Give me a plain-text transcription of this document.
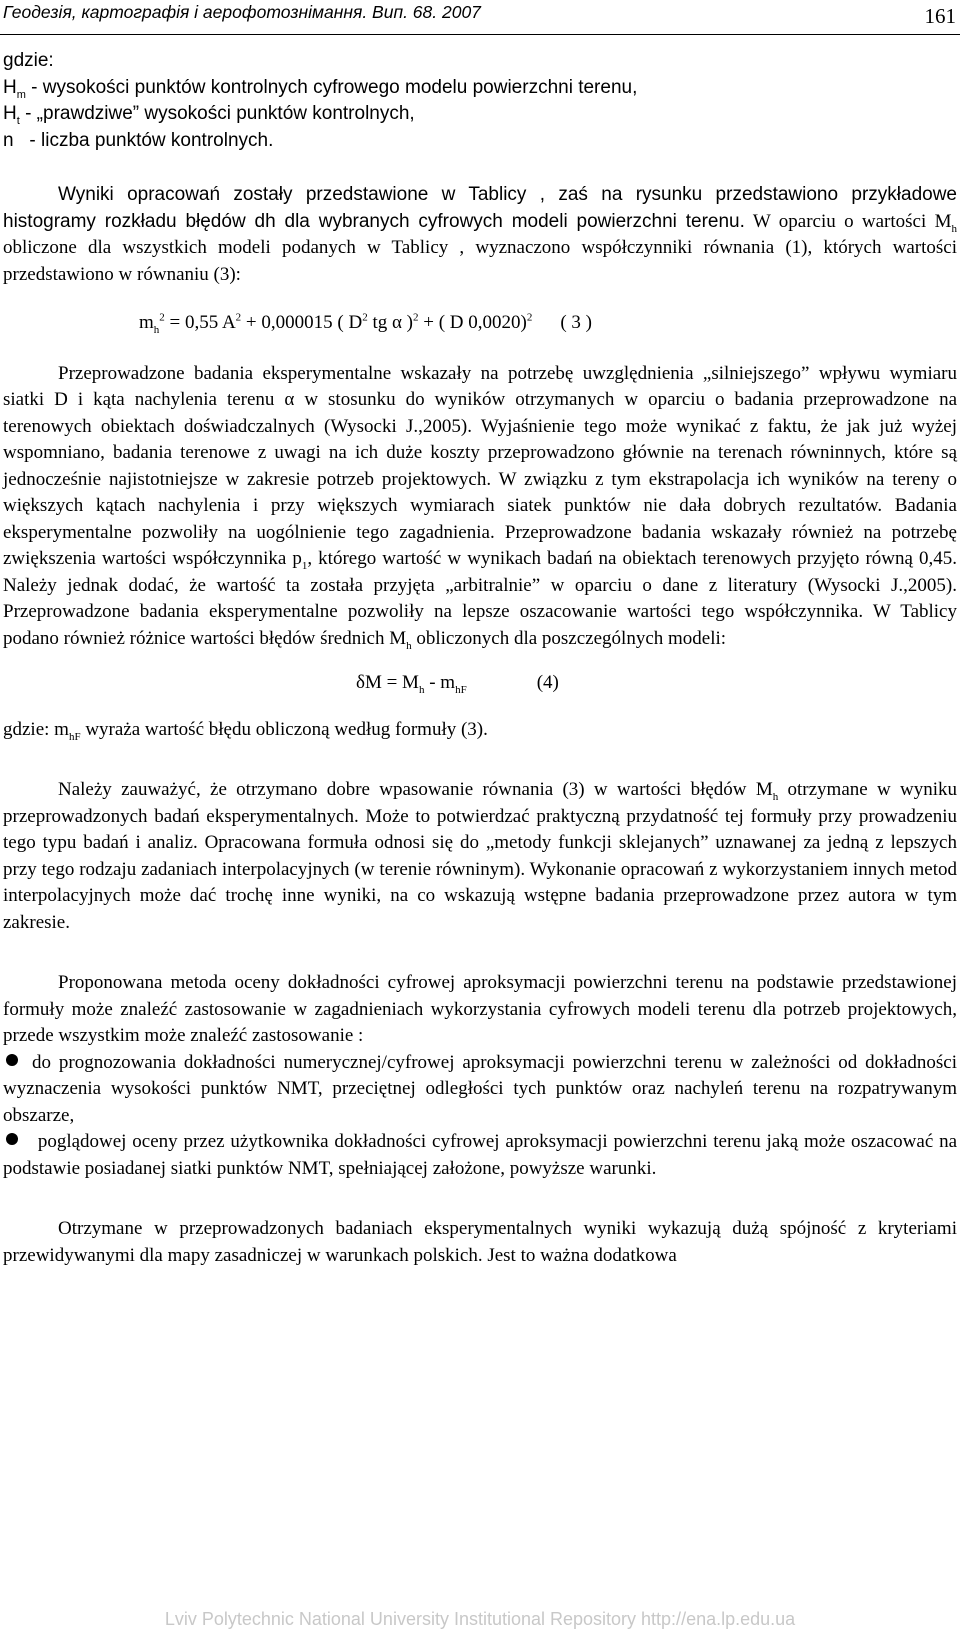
Геодезія, картографія і аерофотознімання. Вип. 68. 2007	161

gdzie:

$H_m$ - wysokości punktów kontrolnych cyfrowego modelu powierzchni terenu,

$H_t$ - „prawdziwe” wysokości punktów kontrolnych,

n   - liczba punktów kontrolnych.

Wyniki opracowań zostały przedstawione w Tablicy , zaś na rysunku przedstawiono przykładowe histogramy rozkładu błędów dh dla wybranych cyfrowych modeli powierzchni terenu. W oparciu o wartości $M_h$ obliczone dla wszystkich modeli podanych w Tablicy , wyznaczono współczynniki równania (1), których wartości przedstawiono w równaniu (3):

$m_h^2 = 0,55$ $A^2 + 0,000015$ ( $D^2$ tg α )$^2$ + ( D 0,0020)$^2$ ( 3 )

Przeprowadzone badania eksperymentalne wskazały na potrzebę uwzględnienia „silniejszego” wpływu wymiaru siatki D i kąta nachylenia terenu α w stosunku do wyników otrzymanych w oparciu o badania przeprowadzone na terenowych obiektach doświadczalnych (Wysocki J.,2005). Wyjaśnienie tego może wynikać z faktu, że jak już wyżej wspomniano, badania terenowe z uwagi na ich duże koszty przeprowadzono głównie na terenach równinnych, które są jednocześnie najistotniejsze w zakresie potrzeb projektowych. W związku z tym ekstrapolacja ich wyników na tereny o większych kątach nachylenia i przy większych wymiarach siatek punktów nie dała dobrych rezultatów. Badania eksperymentalne pozwoliły na uogólnienie tego zagadnienia. Przeprowadzone badania wskazały również na potrzebę zwiększenia wartości współczynnika $p_1$, którego wartość w wynikach badań na obiektach terenowych przyjęto równą 0,45. Należy jednak dodać, że wartość ta została przyjęta „arbitralnie” w oparciu o dane z literatury (Wysocki J.,2005). Przeprowadzone badania eksperymentalne pozwoliły na lepsze oszacowanie wartości tego współczynnika. W Tablicy podano również różnice wartości błędów średnich $M_h$ obliczonych dla poszczególnych modeli:

$\delta M = M_h - m_{hF}$	(4)

gdzie: $m_{hF}$ wyraża wartość błędu obliczoną według formuły (3).

Należy zauważyć, że otrzymano dobre wpasowanie równania (3) w wartości błędów $M_h$ otrzymane w wyniku przeprowadzonych badań eksperymentalnych. Może to potwierdzać praktyczną przydatność tej formuły przy prowadzeniu tego typu badań i analiz. Opracowana formuła odnosi się do „metody funkcji sklejanych” uznawanej za jedną z lepszych przy tego rodzaju zadaniach interpolacyjnych (w terenie równinym). Wykonanie opracowań z wykorzystaniem innych metod interpolacyjnych może dać trochę inne wyniki, na co wskazują wstępne badania przeprowadzone przez autora w tym zakresie.

Proponowana metoda oceny dokładności cyfrowej aproksymacji powierzchni terenu na podstawie przedstawionej formuły może znaleźć zastosowanie w zagadnieniach wykorzystania cyfrowych modeli terenu dla potrzeb projektowych, przede wszystkim może znaleźć zastosowanie :

do prognozowania dokładności numerycznej/cyfrowej aproksymacji powierzchni terenu w zależności od dokładności wyznaczenia wysokości punktów NMT, przeciętnej odległości tych punktów oraz nachyleń terenu na rozpatrywanym obszarze,

poglądowej oceny przez użytkownika dokładności cyfrowej aproksymacji powierzchni terenu jaką może oszacować na podstawie posiadanej siatki punktów NMT, spełniającej założone, powyższe warunki.

Otrzymane w przeprowadzonych badaniach eksperymentalnych wyniki wykazują dużą spójność z kryteriami przewidywanymi dla mapy zasadniczej w warunkach polskich. Jest to ważna dodatkowa

Lviv Polytechnic National University Institutional Repository http://ena.lp.edu.ua
